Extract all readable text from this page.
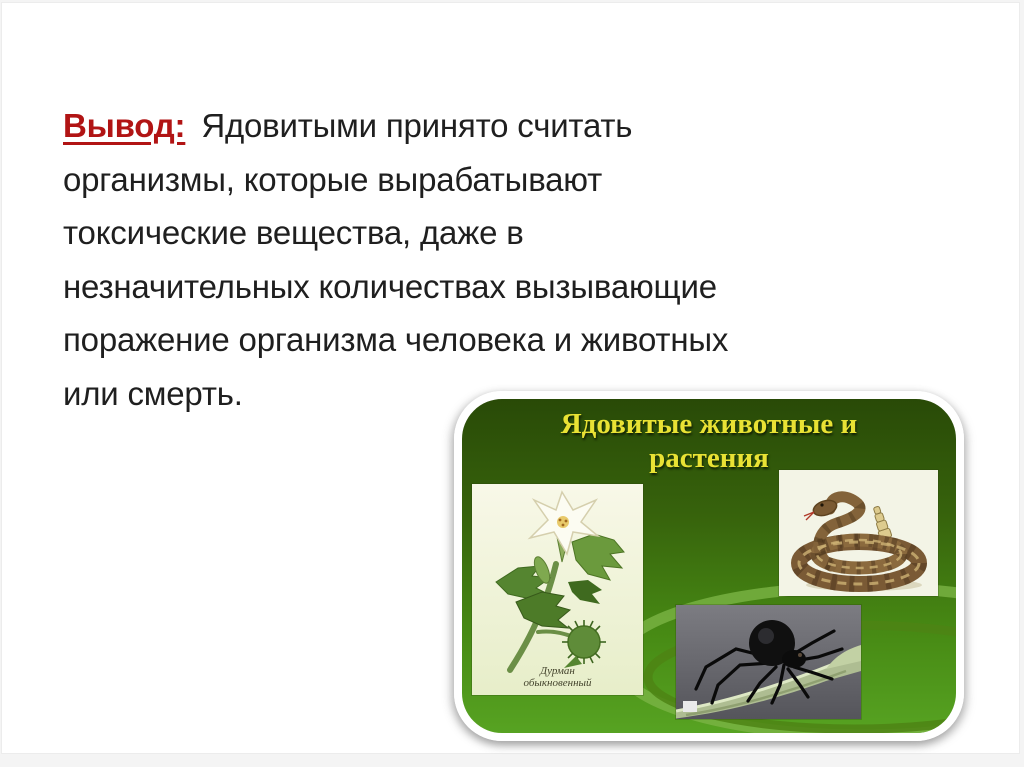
Вывод: Ядовитыми принято считать
организмы, которые вырабатывают
токсические вещества, даже в
незначительных количествах вызывающие
поражение организма человека и животных
или смерть.
Ядовитые животные и
растения
Дурман
обыкновенный
